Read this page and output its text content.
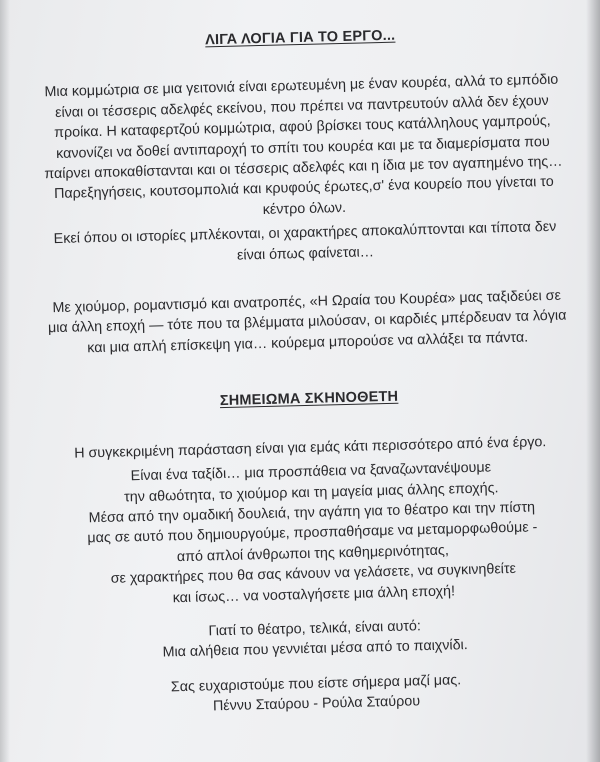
ΛΙΓΑ ΛΟΓΙΑ ΓΙΑ ΤΟ ΕΡΓΟ...

Μια κομμώτρια σε μια γειτονιά είναι ερωτευμένη με έναν κουρέα, αλλά το εμπόδιο είναι οι τέσσερις αδελφές εκείνου, που πρέπει να παντρευτούν αλλά δεν έχουν προίκα. Η καταφερτζού κομμώτρια, αφού βρίσκει τους κατάλληλους γαμπρούς, κανονίζει να δοθεί αντιπαροχή το σπίτι του κουρέα και με τα διαμερίσματα που παίρνει αποκαθίστανται και οι τέσσερις αδελφές και η ίδια με τον αγαπημένο της…

Παρεξηγήσεις, κουτσομπολιά και κρυφούς έρωτες,σ' ένα κουρείο που γίνεται το κέντρο όλων.

Εκεί όπου οι ιστορίες μπλέκονται, οι χαρακτήρες αποκαλύπτονται και τίποτα δεν είναι όπως φαίνεται…

Με χιούμορ, ρομαντισμό και ανατροπές, «Η Ωραία του Κουρέα» μας ταξιδεύει σε μια άλλη εποχή — τότε που τα βλέμματα μιλούσαν, οι καρδιές μπέρδευαν τα λόγια και μια απλή επίσκεψη για… κούρεμα μπορούσε να αλλάξει τα πάντα.

ΣΗΜΕΙΩΜΑ ΣΚΗΝΟΘΕΤΗ

Η συγκεκριμένη παράσταση είναι για εμάς κάτι περισσότερο από ένα έργο.

Είναι ένα ταξίδι… μια προσπάθεια να ξαναζωντανέψουμε

την αθωότητα, το χιούμορ και τη μαγεία μιας άλλης εποχής.

Μέσα από την ομαδική δουλειά, την αγάπη για το θέατρο και την πίστη

μας σε αυτό που δημιουργούμε, προσπαθήσαμε να μεταμορφωθούμε -

από απλοί άνθρωποι της καθημερινότητας,

σε χαρακτήρες που θα σας κάνουν να γελάσετε, να συγκινηθείτε

και ίσως… να νοσταλγήσετε μια άλλη εποχή!

Γιατί το θέατρο, τελικά, είναι αυτό:

Μια αλήθεια που γεννιέται μέσα από το παιχνίδι.

Σας ευχαριστούμε που είστε σήμερα μαζί μας.

Πέννυ Σταύρου - Ρούλα Σταύρου
